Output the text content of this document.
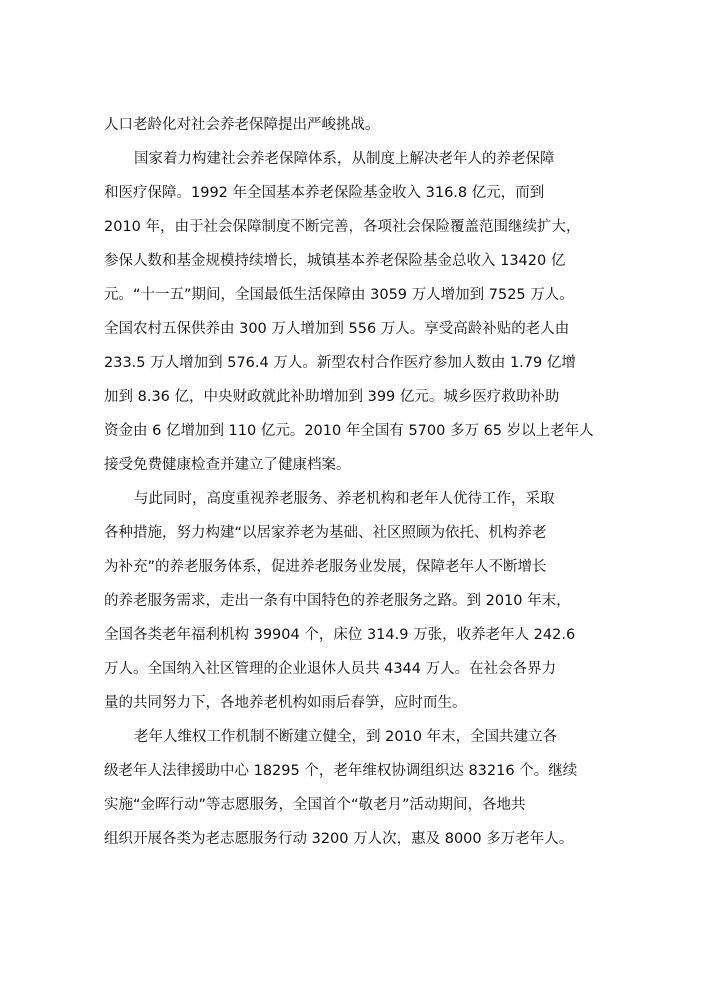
人口老龄化对社会养老保障提出严峻挑战。
国家着力构建社会养老保障体系，从制度上解决老年人的养老保障
和医疗保障。1992 年全国基本养老保险基金收入 316.8 亿元，而到
2010 年，由于社会保障制度不断完善，各项社会保险覆盖范围继续扩大，
参保人数和基金规模持续增长，城镇基本养老保险基金总收入 13420 亿
元。“十一五”期间，全国最低生活保障由 3059 万人增加到 7525 万人。
全国农村五保供养由 300 万人增加到 556 万人。享受高龄补贴的老人由
233.5 万人增加到 576.4 万人。新型农村合作医疗参加人数由 1.79 亿增
加到 8.36 亿，中央财政就此补助增加到 399 亿元。城乡医疗救助补助
资金由 6 亿增加到 110 亿元。2010 年全国有 5700 多万 65 岁以上老年人
接受免费健康检查并建立了健康档案。
与此同时，高度重视养老服务、养老机构和老年人优待工作，采取
各种措施，努力构建“以居家养老为基础、社区照顾为依托、机构养老
为补充”的养老服务体系，促进养老服务业发展，保障老年人不断增长
的养老服务需求，走出一条有中国特色的养老服务之路。到 2010 年末，
全国各类老年福利机构 39904 个，床位 314.9 万张，收养老年人 242.6
万人。全国纳入社区管理的企业退休人员共 4344 万人。在社会各界力
量的共同努力下，各地养老机构如雨后春笋，应时而生。
老年人维权工作机制不断建立健全，到 2010 年末，全国共建立各
级老年人法律援助中心 18295 个，老年维权协调组织达 83216 个。继续
实施“金晖行动”等志愿服务，全国首个“敬老月”活动期间，各地共
组织开展各类为老志愿服务行动 3200 万人次，惠及 8000 多万老年人。
